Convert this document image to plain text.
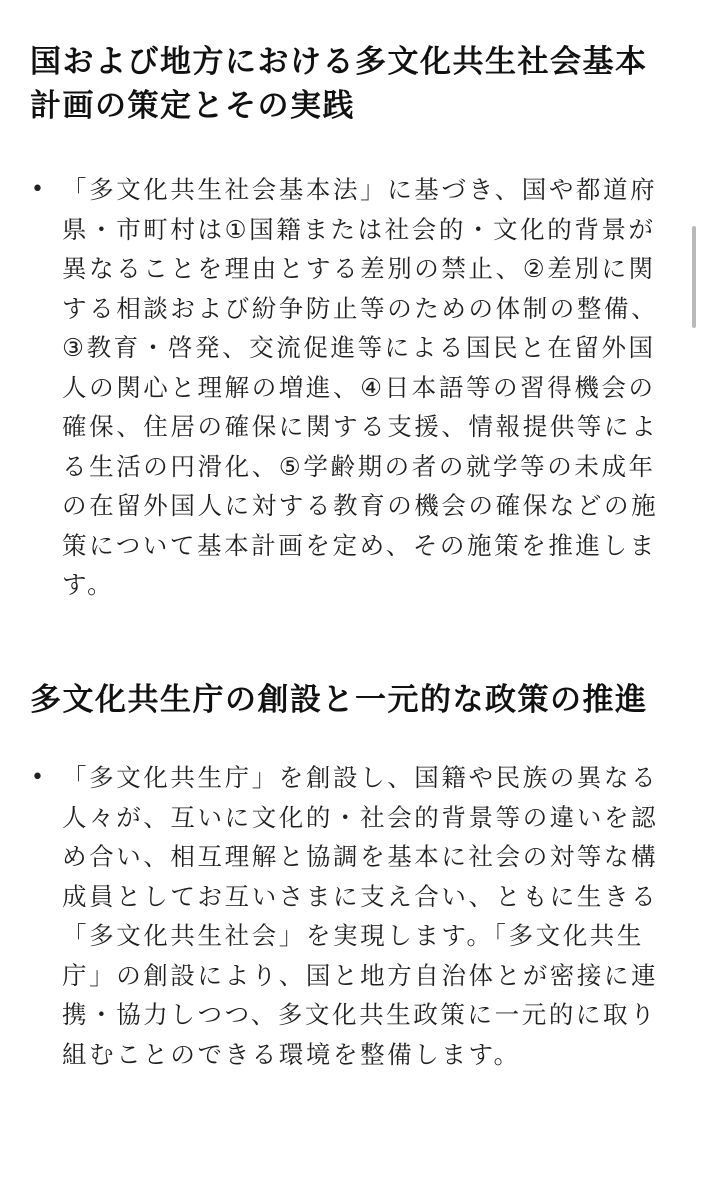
国および地方における多文化共生社会基本計画の策定とその実践
• 「多文化共生社会基本法」に基づき、国や都道府県・市町村は①国籍または社会的・文化的背景が異なることを理由とする差別の禁止、②差別に関する相談および紛争防止等のための体制の整備、③教育・啓発、交流促進等による国民と在留外国人の関心と理解の増進、④日本語等の習得機会の確保、住居の確保に関する支援、情報提供等による生活の円滑化、⑤学齢期の者の就学等の未成年の在留外国人に対する教育の機会の確保などの施策について基本計画を定め、その施策を推進します。
多文化共生庁の創設と一元的な政策の推進
• 「多文化共生庁」を創設し、国籍や民族の異なる人々が、互いに文化的・社会的背景等の違いを認め合い、相互理解と協調を基本に社会の対等な構成員としてお互いさまに支え合い、ともに生きる「多文化共生社会」を実現します。「多文化共生庁」の創設により、国と地方自治体とが密接に連携・協力しつつ、多文化共生政策に一元的に取り組むことのできる環境を整備します。
